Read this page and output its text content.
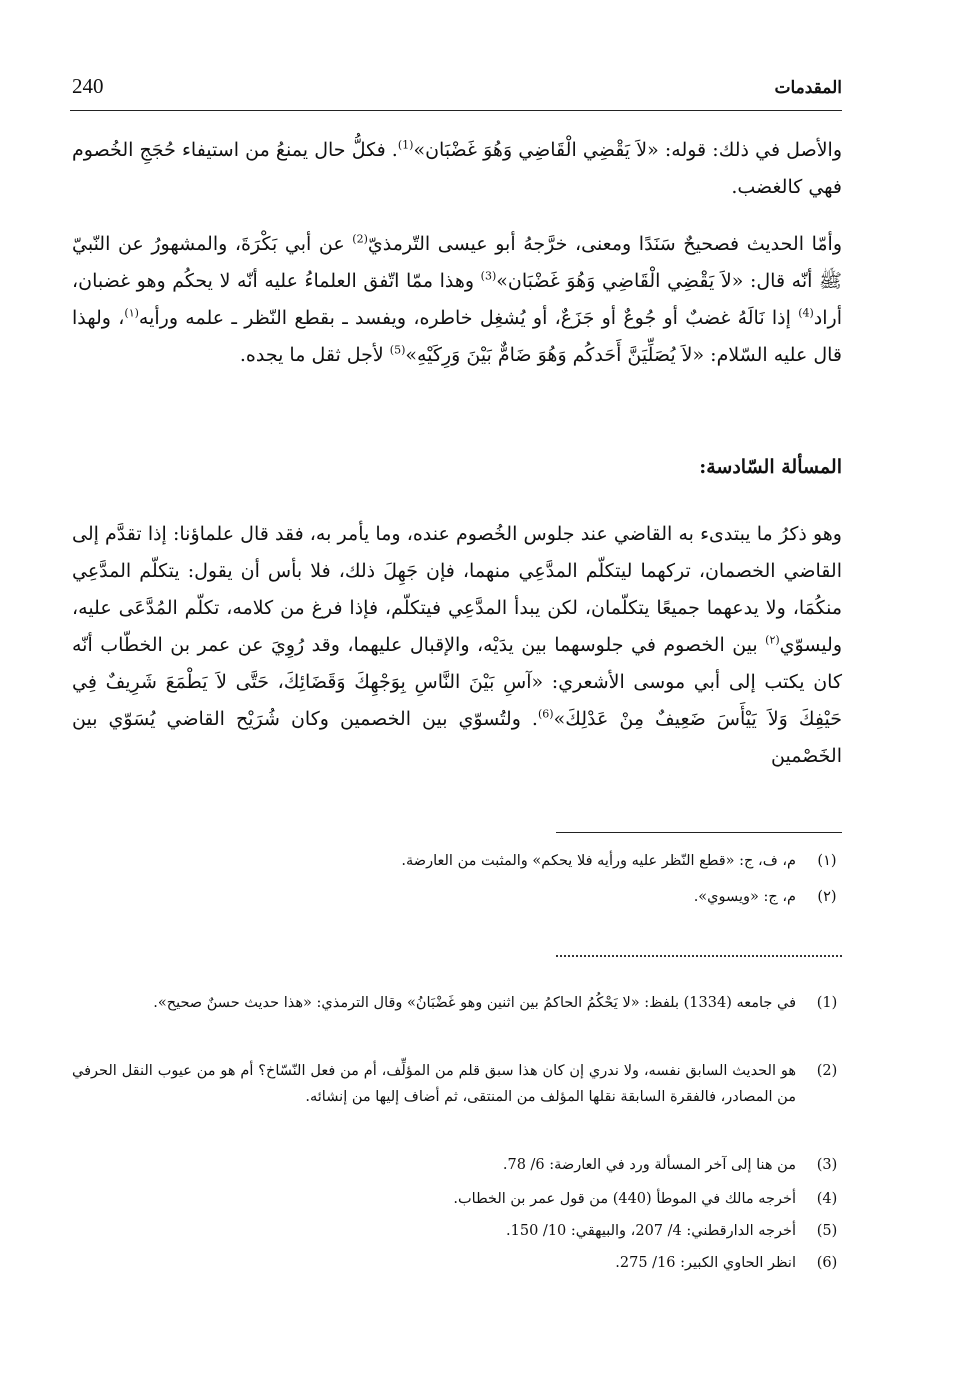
240	المقدمات
والأصل في ذلك: قوله: «لاَ يَقْضِي الْقَاضِي وَهُوَ غَضْبَان»$^{(1)}$. فكلُّ حال يمنعُ من استيفاء حُجَجِ الخُصوم فهي كالغضب.
وأمّا الحديث فصحيحٌ سَنَدًا ومعنى، خرَّجهُ أبو عيسى التّرمذيّ$^{(2)}$ عن أبي بَكْرَةَ، والمشهورُ عن النّبيّ ﷺ أنّه قال: «لاَ يَقْضِي الْقَاضِي وَهُوَ غَضْبَان»$^{(3)}$ وهذا ممّا اتّفق العلماءُ عليه أنّه لا يحكُم وهو غضبان، أراد$^{(4)}$ إذا نَالَهُ غضبٌ أو جُوعٌ أو جَزَعٌ، أو يُشغِل خاطره، ويفسد ـ بقطع النّظر ـ علمه ورأيه$^{(١)}$، ولهذا قال عليه السّلام: «لاَ يُصَلِّيَنَّ أَحَدكُم وَهُوَ ضَامٌّ بَيْنَ وَرِكَيْهِ»$^{(5)}$ لأجل ثقل ما يجده.
المسألة السّادسة:
وهو ذكرُ ما يبتدىء به القاضي عند جلوس الخُصوم عنده، وما يأمر به، فقد قال علماؤنا: إذا تقدَّم إلى القاضي الخصمان، تركهما ليتكلّم المدَّعِي منهما، فإن جَهِلَ ذلك، فلا بأس أن يقول: يتكلّم المدَّعِي منكُمَا، ولا يدعهما جميعًا يتكلّمان، لكن يبدأ المدَّعِي فيتكلّم، فإذا فرغ من كلامه، تكلّم المُدَّعَى عليه، وليسوّي$^{(٢)}$ بين الخصوم في جلوسهما بين يدَيْه، والإقبال عليهما، وقد رُوِيَ عن عمر بن الخطّاب أنّه كان يكتب إلى أبي موسى الأشعري: «آسِ بَيْنَ النَّاسِ بِوَجْهِكَ وَقَضَائِكَ، حَتَّى لاَ يَطْمَعَ شَرِيفٌ فِي حَيْفِكَ وَلاَ يَيْأَسَ ضَعِيفٌ مِنْ عَدْلِكَ»$^{(6)}$. ولتُسوّي بين الخصمين وكان شُرَيْح القاضي يُسَوّي بين الخَصْمين
(١)
م، ف، ج: «قطع النّظر عليه ورأيه فلا يحكم» والمثبت من العارضة.
(٢)
م، ج: «ويسوي».
(1)
في جامعه (1334) بلفظ: «لا يَحْكُمُ الحاكمُ بين اثنين وهو غَضْبَانُ» وقال الترمذي: «هذا حديث حسنٌ صحيح».
(2)
هو الحديث السابق نفسه، ولا ندري إن كان هذا سبق قلم من المؤلِّف، أم من فعل النّسّاخ؟ أم هو من عيوب النقل الحرفي من المصادر، فالفقرة السابقة نقلها المؤلف من المنتقى، ثم أضاف إليها من إنشائه.
(3)
من هنا إلى آخر المسألة ورد في العارضة: 6/ 78.
(4)
أخرجه مالك في الموطأ (440) من قول عمر بن الخطاب.
(5)
أخرجه الدارقطني: 4/ 207، والبيهقي: 10/ 150.
(6)
انظر الحاوي الكبير: 16/ 275.
